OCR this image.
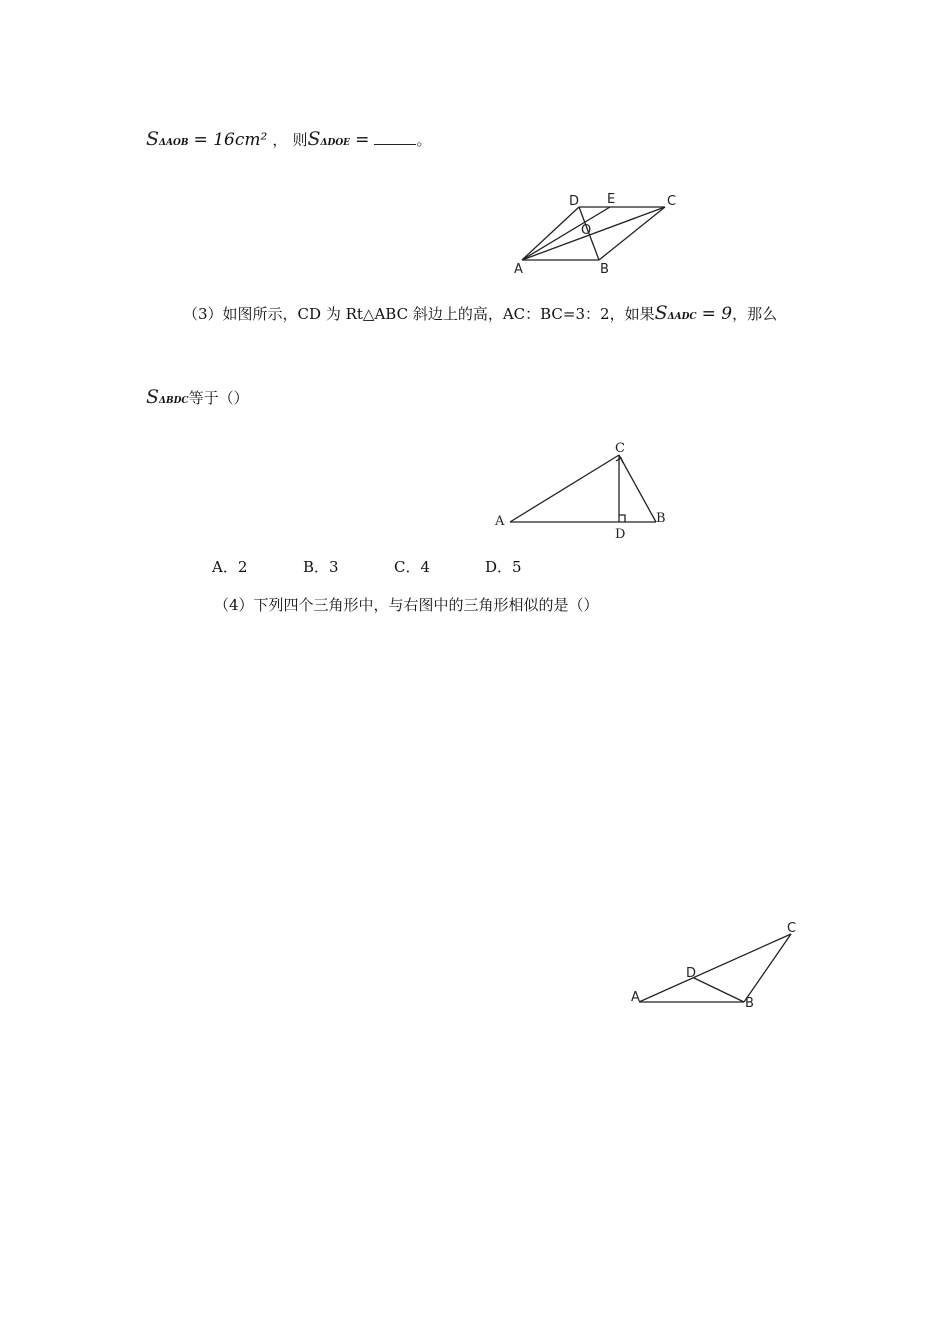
SΔAOB = 16cm² ， 则SΔDOE =	。
A	B
C
D E
O
（3）如图所示，CD 为 Rt△ABC 斜边上的高，AC：BC=3：2，如果SΔADC = 9，那么
SΔBDC等于（）
A	B
C
D
A．2	B．3	C．4	D．5
（4）下列四个三角形中，与右图中的三角形相似的是（）
A	B
C
D
